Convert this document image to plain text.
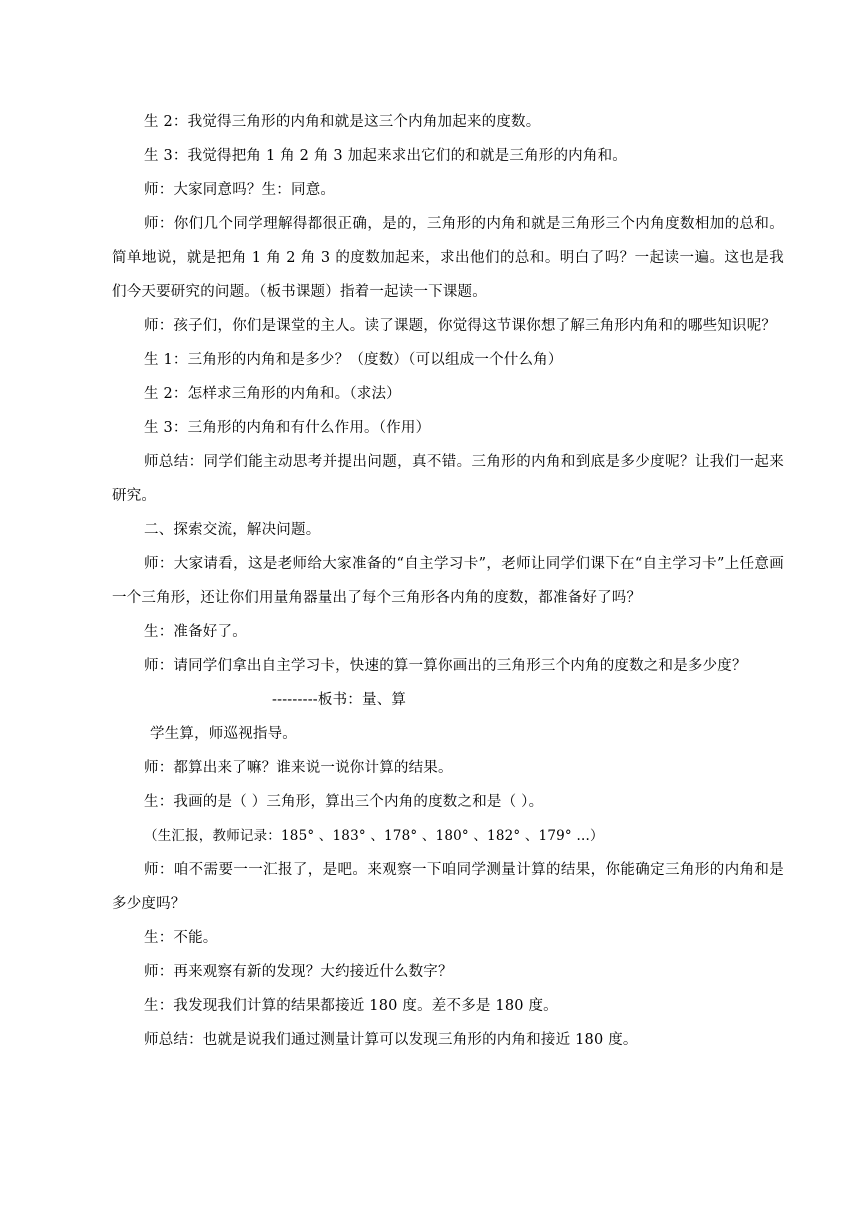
生 2：我觉得三角形的内角和就是这三个内角加起来的度数。

生 3：我觉得把角 1 角 2 角 3 加起来求出它们的和就是三角形的内角和。

师：大家同意吗？生：同意。

师：你们几个同学理解得都很正确，是的，三角形的内角和就是三角形三个内角度数相加的总和。简单地说，就是把角 1 角 2 角 3 的度数加起来，求出他们的总和。明白了吗？一起读一遍。这也是我们今天要研究的问题。（板书课题）指着一起读一下课题。

师：孩子们，你们是课堂的主人。读了课题，你觉得这节课你想了解三角形内角和的哪些知识呢？

生 1：三角形的内角和是多少？（度数）（可以组成一个什么角）

生 2：怎样求三角形的内角和。（求法）

生 3：三角形的内角和有什么作用。（作用）

师总结：同学们能主动思考并提出问题，真不错。三角形的内角和到底是多少度呢？让我们一起来研究。

二、探索交流，解决问题。

师：大家请看，这是老师给大家准备的“自主学习卡”，老师让同学们课下在“自主学习卡”上任意画一个三角形，还让你们用量角器量出了每个三角形各内角的度数，都准备好了吗？

生：准备好了。

师：请同学们拿出自主学习卡，快速的算一算你画出的三角形三个内角的度数之和是多少度？

---------板书：量、算

学生算，师巡视指导。

师：都算出来了嘛？谁来说一说你计算的结果。

生：我画的是（ ）三角形，算出三个内角的度数之和是（ ）。

（生汇报，教师记录：185° 、183° 、178° 、180° 、182° 、179° …）

师：咱不需要一一汇报了，是吧。来观察一下咱同学测量计算的结果，你能确定三角形的内角和是多少度吗？

生：不能。

师：再来观察有新的发现？大约接近什么数字？

生：我发现我们计算的结果都接近 180 度。差不多是 180 度。

师总结：也就是说我们通过测量计算可以发现三角形的内角和接近 180 度。
